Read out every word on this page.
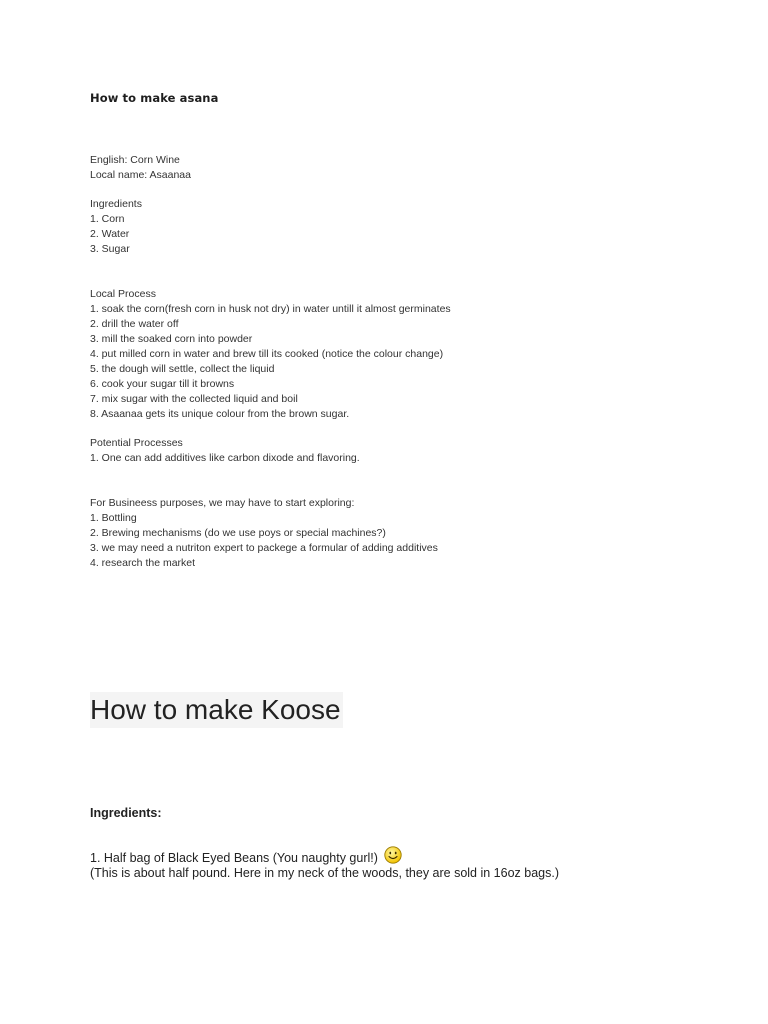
How to make asana
English: Corn Wine
Local name: Asaanaa
Ingredients
1. Corn
2. Water
3. Sugar
Local Process
1. soak the corn(fresh corn in husk not dry) in water untill it almost germinates
2. drill the water off
3. mill the soaked corn into powder
4. put milled corn in water and brew till its cooked (notice the colour change)
5. the dough will settle, collect the liquid
6. cook your sugar till it browns
7. mix sugar with the collected liquid and boil
8. Asaanaa gets its unique colour from the brown sugar.
Potential Processes
1. One can add additives like carbon dixode and flavoring.
For Busineess purposes, we may have to start exploring:
1. Bottling
2. Brewing mechanisms (do we use poys or special machines?)
3. we may need a nutriton expert to packege a formular of adding additives
4. research the market
How to make Koose
Ingredients:
1. Half bag of Black Eyed Beans (You naughty gurl!)
(This is about half pound. Here in my neck of the woods, they are sold in 16oz bags.)
